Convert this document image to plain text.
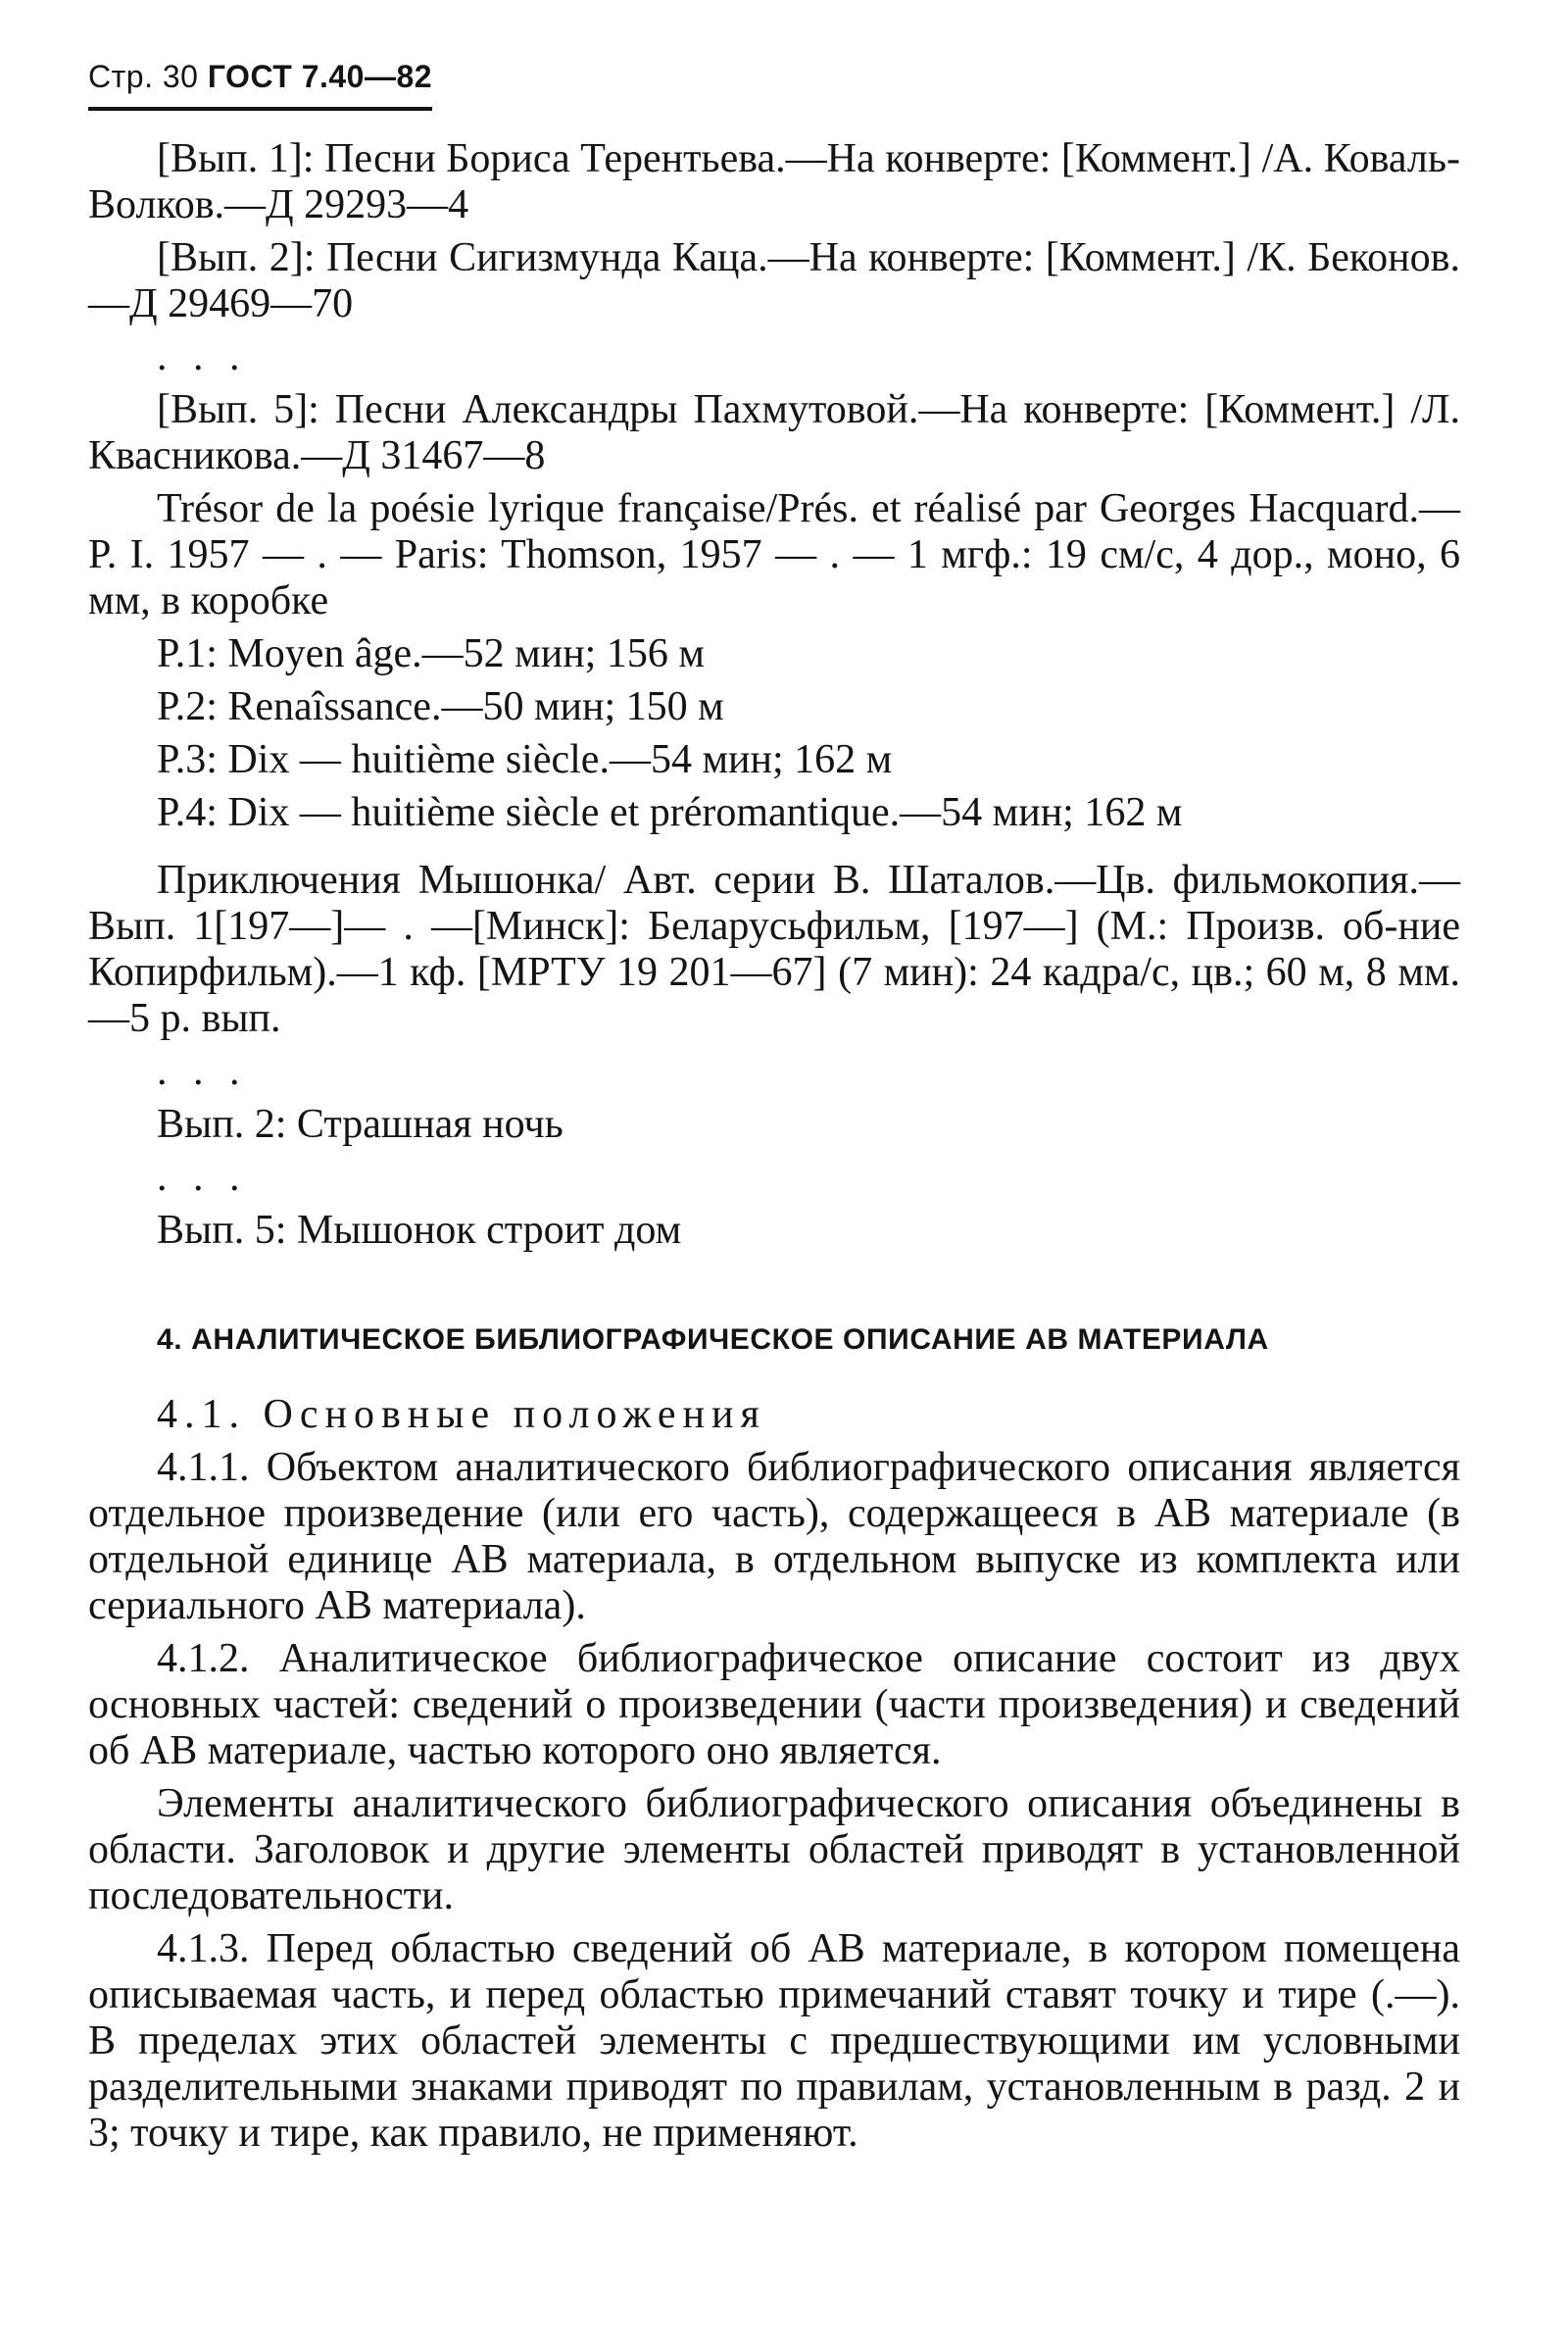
Стр. 30 ГОСТ 7.40—82

[Вып. 1]: Песни Бориса Терентьева.—На конверте: [Коммент.] /А. Коваль-Волков.—Д 29293—4

[Вып. 2]: Песни Сигизмунда Каца.—На конверте: [Коммент.] /К. Беконов.—Д 29469—70

. . .

[Вып. 5]: Песни Александры Пахмутовой.—На конверте: [Коммент.] /Л. Квасникова.—Д 31467—8

Trésor de la poésie lyrique française/Prés. et réalisé par Georges Hacquard.— P. I. 1957 — . — Paris: Thomson, 1957 — . — 1 мгф.: 19 см/с, 4 дор., моно, 6 мм, в коробке

P.1: Moyen âge.—52 мин; 156 м

P.2: Renaîssance.—50 мин; 150 м

P.3: Dix — huitième siècle.—54 мин; 162 м

P.4: Dix — huitième siècle et préromantique.—54 мин; 162 м

Приключения Мышонка/ Авт. серии В. Шаталов.—Цв. фильмокопия.—Вып. 1[197—]— . —[Минск]: Беларусьфильм, [197—] (М.: Произв. об-ние Копирфильм).—1 кф. [МРТУ 19 201—67] (7 мин): 24 кадра/с, цв.; 60 м, 8 мм.—5 р. вып.

. . .

Вып. 2: Страшная ночь

. . .

Вып. 5: Мышонок строит дом

4. АНАЛИТИЧЕСКОЕ БИБЛИОГРАФИЧЕСКОЕ ОПИСАНИЕ АВ МАТЕРИАЛА

4.1. Основные положения

4.1.1. Объектом аналитического библиографического описания является отдельное произведение (или его часть), содержащееся в АВ материале (в отдельной единице АВ материала, в отдельном выпуске из комплекта или сериального АВ материала).

4.1.2. Аналитическое библиографическое описание состоит из двух основных частей: сведений о произведении (части произведения) и сведений об АВ материале, частью которого оно является.

Элементы аналитического библиографического описания объединены в области. Заголовок и другие элементы областей приводят в установленной последовательности.

4.1.3. Перед областью сведений об АВ материале, в котором помещена описываемая часть, и перед областью примечаний ставят точку и тире (.—). В пределах этих областей элементы с предшествующими им условными разделительными знаками приводят по правилам, установленным в разд. 2 и 3; точку и тире, как правило, не применяют.
